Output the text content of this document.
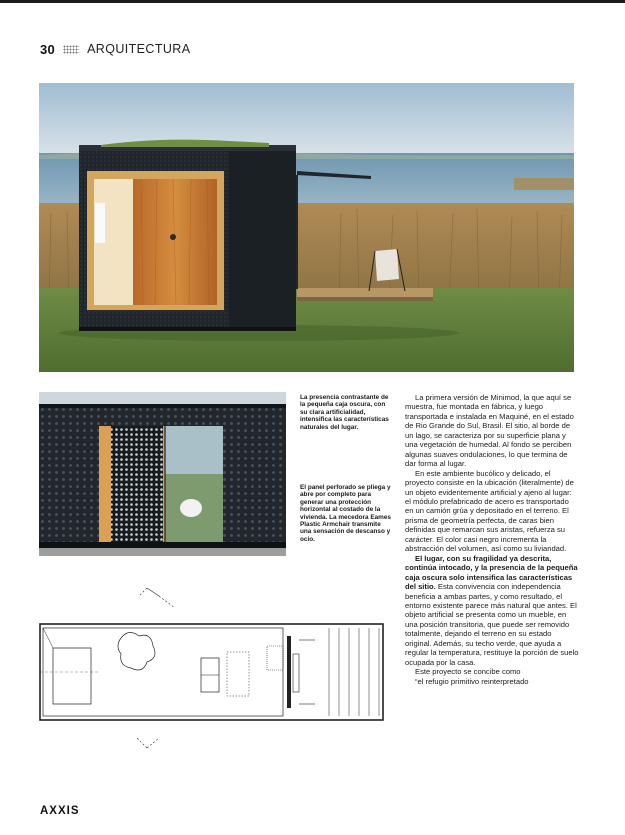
30	ARQUITECTURA
La presencia contrastante de la pequeña caja oscura, con su clara artificialidad, intensifica las características naturales del lugar.
El panel perforado se pliega y abre por completo para generar una protección horizontal al costado de la vivienda. La mecedora Eames Plastic Armchair transmite una sensación de descanso y ocio.

La primera versión de Minimod, la que aquí se muestra, fue montada en fábrica, y luego transportada e instalada en Maquiné, en el estado de Rio Grande do Sul, Brasil. El sitio, al borde de un lago, se caracteriza por su superficie plana y una vegetación de humedal. Al fondo se perciben algunas suaves ondulaciones, lo que termina de dar forma al lugar.

En este ambiente bucólico y delicado, el proyecto consiste en la ubicación (literalmente) de un objeto evidentemente artificial y ajeno al lugar: el módulo prefabricado de acero es transportado en un camión grúa y depositado en el terreno. El prisma de geometría perfecta, de caras bien definidas que remarcan sus aristas, refuerza su carácter. El color casi negro incrementa la abstracción del volumen, así como su liviandad.

El lugar, con su fragilidad ya descrita, continúa intocado, y la presencia de la pequeña caja oscura solo intensifica las características del sitio. Esta convivencia con independencia beneficia a ambas partes, y como resultado, el entorno existente parece más natural que antes. El objeto artificial se presenta como un mueble, en una posición transitoria, que puede ser removido totalmente, dejando el terreno en su estado original. Además, su techo verde, que ayuda a regular la temperatura, restituye la porción de suelo ocupada por la casa.

Este proyecto se concibe como

“el refugio primitivo reinterpretado

AXXIS
